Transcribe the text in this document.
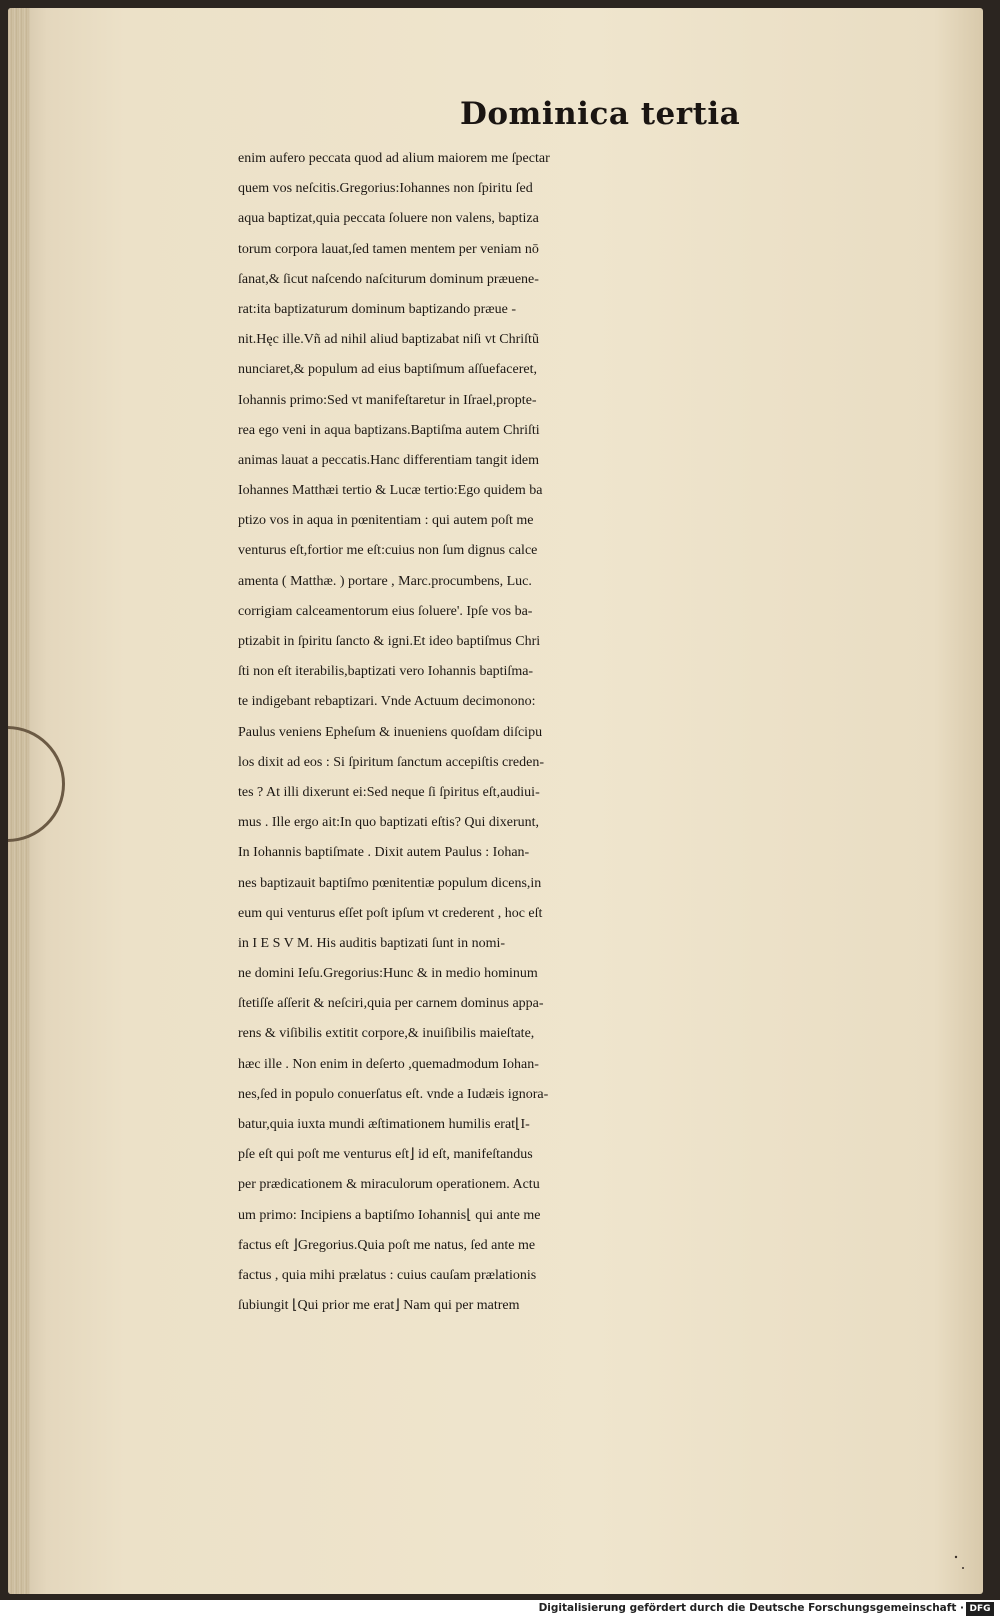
Dominica tertia
enim aufero peccata quod ad alium maiorem me ſpectar
quem vos neſcitis.Gregorius:Iohannes non ſpiritu ſed
aqua baptizat,quia peccata ſoluere non valens, baptiza
torum corpora lauat,ſed tamen mentem per veniam nō
ſanat,& ſicut naſcendo naſciturum dominum præuene-
rat:ita baptizaturum dominum baptizando præue -
nit.Hęc ille.Vñ ad nihil aliud baptizabat niſi vt Chriſtũ
nunciaret,& populum ad eius baptiſmum aſſuefaceret,
Iohannis primo:Sed vt manifeſtaretur in Iſrael,propte-
rea ego veni in aqua baptizans.Baptiſma autem Chriſti
animas lauat a peccatis.Hanc differentiam tangit idem
Iohannes Matthæi tertio & Lucæ tertio:Ego quidem ba
ptizo vos in aqua in pœnitentiam : qui autem poſt me
venturus eſt,fortior me eſt:cuius non ſum dignus calce
amenta ( Matthæ. ) portare , Marc.procumbens, Luc.
corrigiam calceamentorum eius ſoluere'. Ipſe vos ba-
ptizabit in ſpiritu ſancto & igni.Et ideo baptiſmus Chri
ſti non eſt iterabilis,baptizati vero Iohannis baptiſma-
te indigebant rebaptizari. Vnde Actuum decimonono:
Paulus veniens Epheſum & inueniens quoſdam diſcipu
los dixit ad eos : Si ſpiritum ſanctum accepiſtis creden-
tes ? At illi dixerunt ei:Sed neque ſi ſpiritus eſt,audiui-
mus . Ille ergo ait:In quo baptizati eſtis? Qui dixerunt,
In Iohannis baptiſmate . Dixit autem Paulus : Iohan-
nes baptizauit baptiſmo pœnitentiæ populum dicens,in
eum qui venturus eſſet poſt ipſum vt crederent , hoc eſt
in I E S V M. His auditis baptizati ſunt in nomi-
ne domini Ieſu.Gregorius:Hunc & in medio hominum
ſtetiſſe aſſerit & neſciri,quia per carnem dominus appa-
rens & viſibilis extitit corpore,& inuiſibilis maieſtate,
hæc ille . Non enim in deſerto ,quemadmodum Iohan-
nes,ſed in populo conuerſatus eſt. vnde a Iudæis ignora-
batur,quia iuxta mundi æſtimationem humilis erat⌊I-
pſe eſt qui poſt me venturus eſt⌋ id eſt, manifeſtandus
per prædicationem & miraculorum operationem. Actu
um primo: Incipiens a baptiſmo Iohannis⌊ qui ante me
factus eſt ⌋Gregorius.Quia poſt me natus, ſed ante me
factus , quia mihi prælatus : cuius cauſam prælationis
ſubiungit ⌊Qui prior me erat⌋ Nam qui per matrem
Digitalisierung gefördert durch die Deutsche Forschungsgemeinschaft · DFG
